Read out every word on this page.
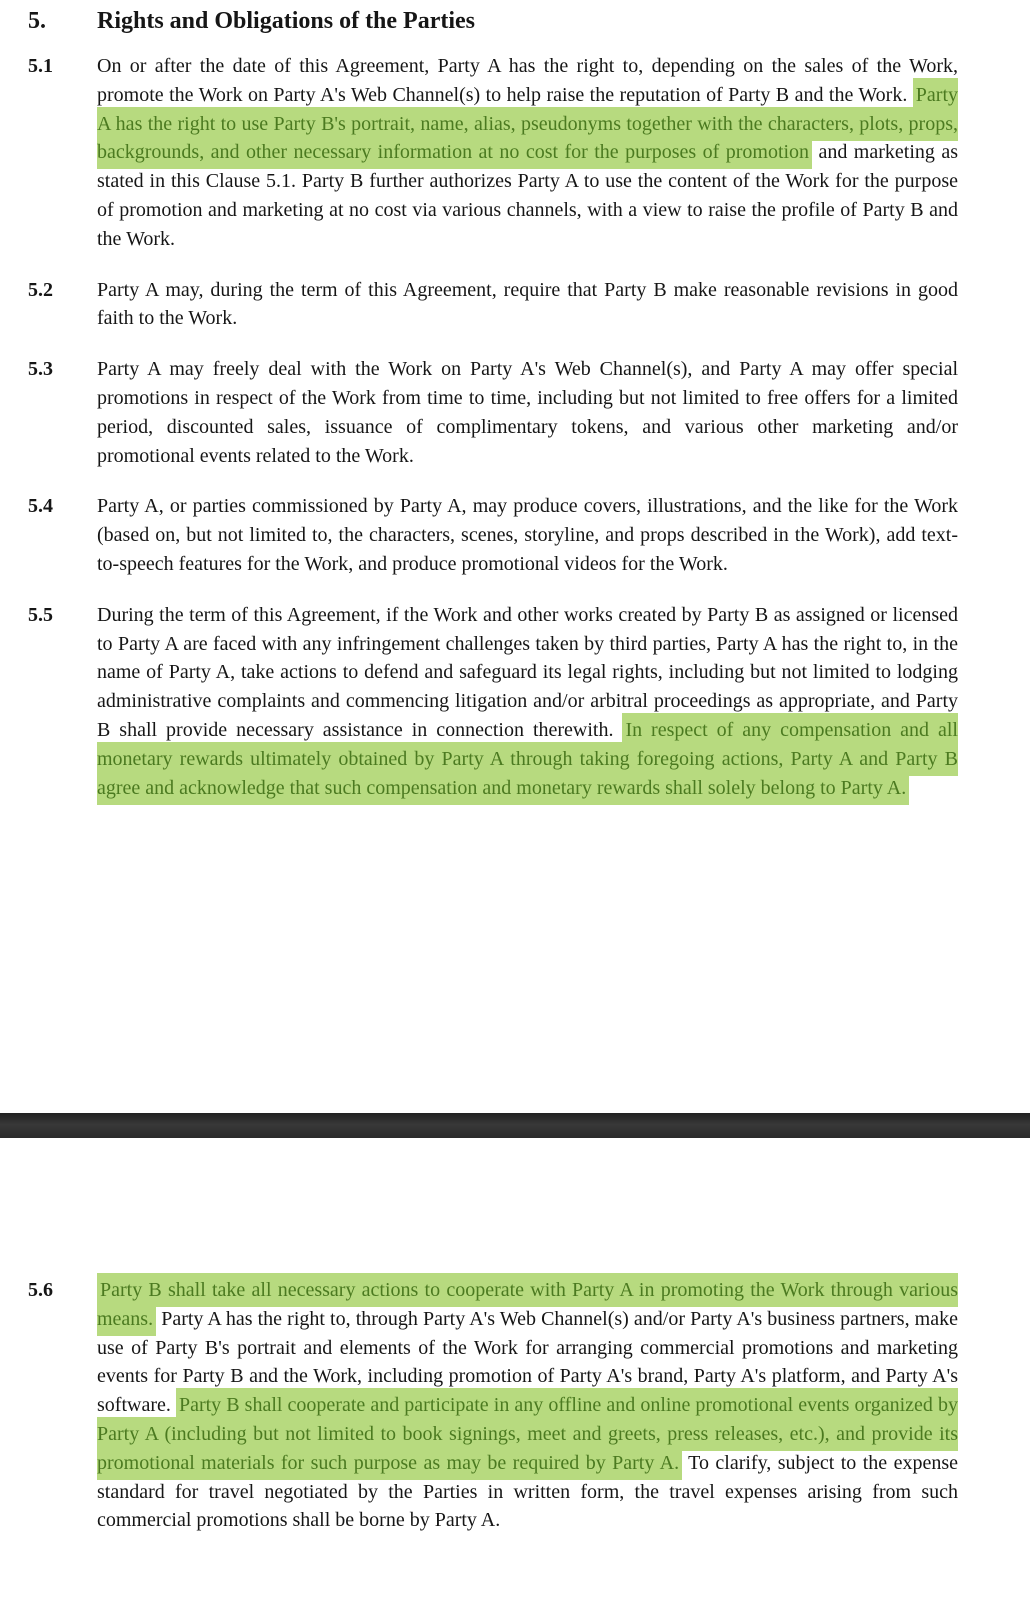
5.	Rights and Obligations of the Parties
5.1	On or after the date of this Agreement, Party A has the right to, depending on the sales of the Work, promote the Work on Party A's Web Channel(s) to help raise the reputation of Party B and the Work. Party A has the right to use Party B's portrait, name, alias, pseudonyms together with the characters, plots, props, backgrounds, and other necessary information at no cost for the purposes of promotion and marketing as stated in this Clause 5.1. Party B further authorizes Party A to use the content of the Work for the purpose of promotion and marketing at no cost via various channels, with a view to raise the profile of Party B and the Work.

5.2	Party A may, during the term of this Agreement, require that Party B make reasonable revisions in good faith to the Work.

5.3	Party A may freely deal with the Work on Party A's Web Channel(s), and Party A may offer special promotions in respect of the Work from time to time, including but not limited to free offers for a limited period, discounted sales, issuance of complimentary tokens, and various other marketing and/or promotional events related to the Work.

5.4	Party A, or parties commissioned by Party A, may produce covers, illustrations, and the like for the Work (based on, but not limited to, the characters, scenes, storyline, and props described in the Work), add text-to-speech features for the Work, and produce promotional videos for the Work.

5.5	During the term of this Agreement, if the Work and other works created by Party B as assigned or licensed to Party A are faced with any infringement challenges taken by third parties, Party A has the right to, in the name of Party A, take actions to defend and safeguard its legal rights, including but not limited to lodging administrative complaints and commencing litigation and/or arbitral proceedings as appropriate, and Party B shall provide necessary assistance in connection therewith. In respect of any compensation and all monetary rewards ultimately obtained by Party A through taking foregoing actions, Party A and Party B agree and acknowledge that such compensation and monetary rewards shall solely belong to Party A.

5.6	Party B shall take all necessary actions to cooperate with Party A in promoting the Work through various means. Party A has the right to, through Party A's Web Channel(s) and/or Party A's business partners, make use of Party B's portrait and elements of the Work for arranging commercial promotions and marketing events for Party B and the Work, including promotion of Party A's brand, Party A's platform, and Party A's software. Party B shall cooperate and participate in any offline and online promotional events organized by Party A (including but not limited to book signings, meet and greets, press releases, etc.), and provide its promotional materials for such purpose as may be required by Party A. To clarify, subject to the expense standard for travel negotiated by the Parties in written form, the travel expenses arising from such commercial promotions shall be borne by Party A.
